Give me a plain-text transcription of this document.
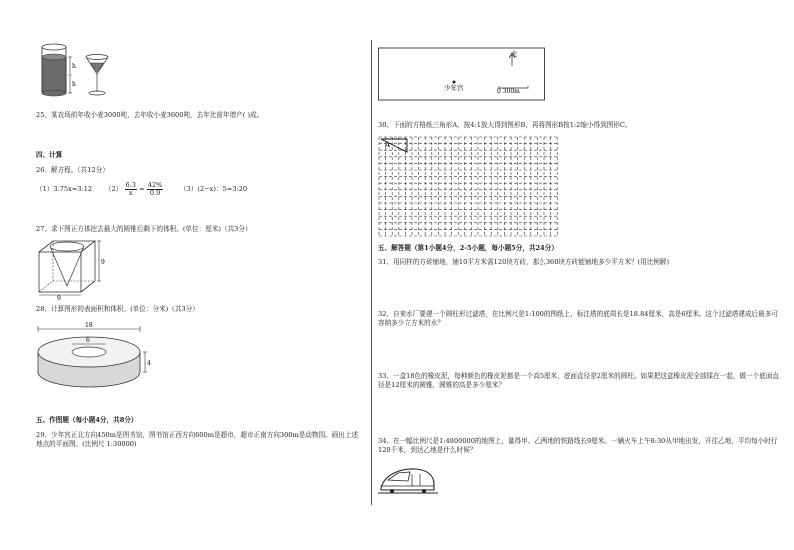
h
h
25、某农场前年收小麦3000吨，去年收小麦3600吨，去年比前年增产( )成。
四、计算
26．解方程。（共12分）
（1）3.75x=3:12 $(2) \frac{6.3}{x} = \frac{42\%}{0.9}$	（3）(2−x)：5=3:20
27、求下图正方体挖去最大的圆锥后剩下的体积。(单位：厘米)（共3分）
9
9
28、计算图形的表面积和体积。(单位：分米)（共3分）
18
6
4
五、作图题（每小题4分，共8分）
29、少年宫正北方向450m是图书馆，图书馆正西方向600m是超市，超市正南方向300m是动物园。画出上述地点的平面图。(比例尺 1:30000)
北
少年宫	0 300m
30、下面的方格纸三角形A，按4:1放大得到图形B，再将图形B按1:2缩小得到图形C。
A
五、解答题（第1小题4分，2-5小题，每小题5分，共24分）
31、用同样的方砖铺地，铺10平方米需120块方砖，那么360块方砖能铺地多少平方米？(用比例解)
32、自来水厂要建一个圆柱形过滤塔，在比例尺是1:100的图纸上，标注塔的底周长是18.84厘米，高是6厘米。这个过滤塔建成后最多可容纳多少立方米的水？
33、一盒18色的橡皮泥，每种颜色的橡皮泥都是一个高5厘米，底面直径是2厘米的圆柱。如果把这盒橡皮泥全部揉在一起，做一个底面直径是12厘米的圆锥，圆锥的高是多少厘米？
34、在一幅比例尺是1:4800000的地图上，量得甲、乙两地的铁路线长9厘米。一辆火车上午8:30从甲地出发，开往乙地，平均每小时行120千米，到达乙地是什么时候？
